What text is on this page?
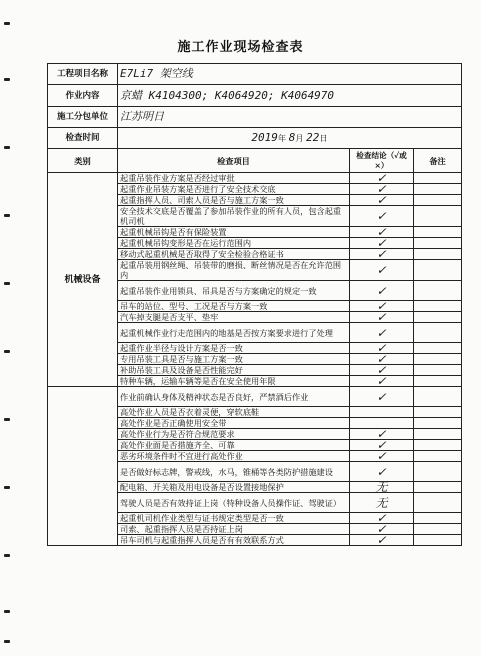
施工作业现场检查表
工程项目名称	E7Li7 架空线		
作业内容	京蜡 K4104300; K4064920; K4064970		
施工分包单位	江苏明日		
检查时间	2019年 8月 22日		
类别	检查项目	检查结论（✓或×）	备注
机械设备	起重吊装作业方案是否经过审批	✓	
	起重作业吊装方案是否进行了安全技术交底	✓	
	起重指挥人员、司索人员是否与施工方案一致	✓	
	安全技术交底是否覆盖了参加吊装作业的所有人员，包含起重机司机	✓	
	起重机械吊钩是否有保险装置	✓	
	起重机械吊钩变形是否在运行范围内	✓	
	移动式起重机械是否取得了安全检验合格证书	✓	
	起重吊装用钢丝绳、吊装带的磨损、断丝情况是否在允许范围内	✓	
	起重吊装作业用锁具、吊具是否与方案确定的规定一致	✓	
	吊车的站位、型号、工况是否与方案一致	✓	
	汽车掉支腿是否支平、垫牢	✓	
	起重机械作业行走范围内的地基是否按方案要求进行了处理	✓	
	起重作业半径与设计方案是否一致	✓	
	专用吊装工具是否与施工方案一致	✓	
	补助吊装工具及设备是否性能完好	✓	
	特种车辆，运输车辆等是否在安全使用年限	✓	
	作业前确认身体及精神状态是否良好，严禁酒后作业	✓	
	高处作业人员是否衣着灵便，穿软底鞋		
	高处作业是否正确使用安全带		
	高处作业行为是否符合规范要求	✓	
	高处作业面是否措施齐全、可靠	✓	
	恶劣环境条件时不宜进行高处作业	✓	
	是否做好标志牌，警戒线，水马，锥桶等各类防护措施建设	✓	
	配电箱、开关箱及用电设备是否设置接地保护	无	
	驾驶人员是否有效持证上岗（特种设备人员操作证、驾驶证）	无	
	起重机司机作业类型与证书规定类型是否一致	✓	
	司索、起重指挥人员是否持证上岗	✓	
	吊车司机与起重指挥人员是否有有效联系方式	✓	
